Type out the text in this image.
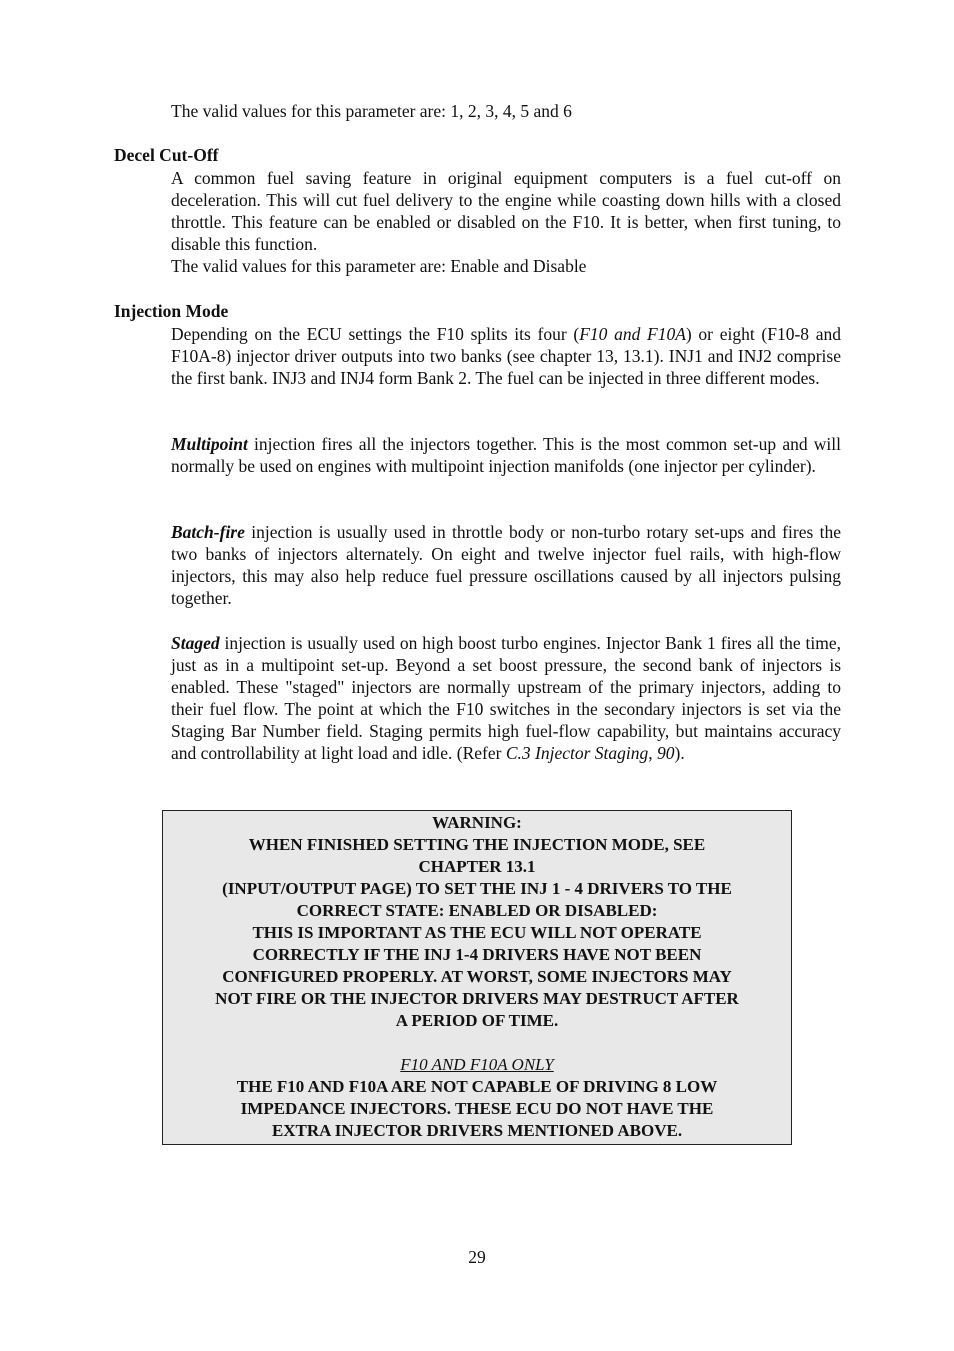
The valid values for this parameter are: 1, 2, 3, 4, 5 and 6

Decel Cut-Off

A common fuel saving feature in original equipment computers is a fuel cut-off on deceleration. This will cut fuel delivery to the engine while coasting down hills with a closed throttle. This feature can be enabled or disabled on the F10. It is better, when first tuning, to disable this function.

The valid values for this parameter are: Enable and Disable

Injection Mode

Depending on the ECU settings the F10 splits its four (F10 and F10A) or eight (F10-8 and F10A-8) injector driver outputs into two banks (see chapter 13, 13.1). INJ1 and INJ2 comprise the first bank. INJ3 and INJ4 form Bank 2. The fuel can be injected in three different modes.

Multipoint injection fires all the injectors together. This is the most common set-up and will normally be used on engines with multipoint injection manifolds (one injector per cylinder).

Batch-fire injection is usually used in throttle body or non-turbo rotary set-ups and fires the two banks of injectors alternately. On eight and twelve injector fuel rails, with high-flow injectors, this may also help reduce fuel pressure oscillations caused by all injectors pulsing together.

Staged injection is usually used on high boost turbo engines. Injector Bank 1 fires all the time, just as in a multipoint set-up. Beyond a set boost pressure, the second bank of injectors is enabled. These "staged" injectors are normally upstream of the primary injectors, adding to their fuel flow. The point at which the F10 switches in the secondary injectors is set via the Staging Bar Number field. Staging permits high fuel-flow capability, but maintains accuracy and controllability at light load and idle. (Refer C.3 Injector Staging, 90).

WARNING:

WHEN FINISHED SETTING THE INJECTION MODE, SEE

CHAPTER 13.1

(INPUT/OUTPUT PAGE) TO SET THE INJ 1 - 4 DRIVERS TO THE

CORRECT STATE: ENABLED OR DISABLED:

THIS IS IMPORTANT AS THE ECU WILL NOT OPERATE

CORRECTLY IF THE INJ 1-4 DRIVERS HAVE NOT BEEN

CONFIGURED PROPERLY. AT WORST, SOME INJECTORS MAY

NOT FIRE OR THE INJECTOR DRIVERS MAY DESTRUCT AFTER

A PERIOD OF TIME.

F10 AND F10A ONLY

THE F10 AND F10A ARE NOT CAPABLE OF DRIVING 8 LOW

IMPEDANCE INJECTORS. THESE ECU DO NOT HAVE THE

EXTRA INJECTOR DRIVERS MENTIONED ABOVE.

29
